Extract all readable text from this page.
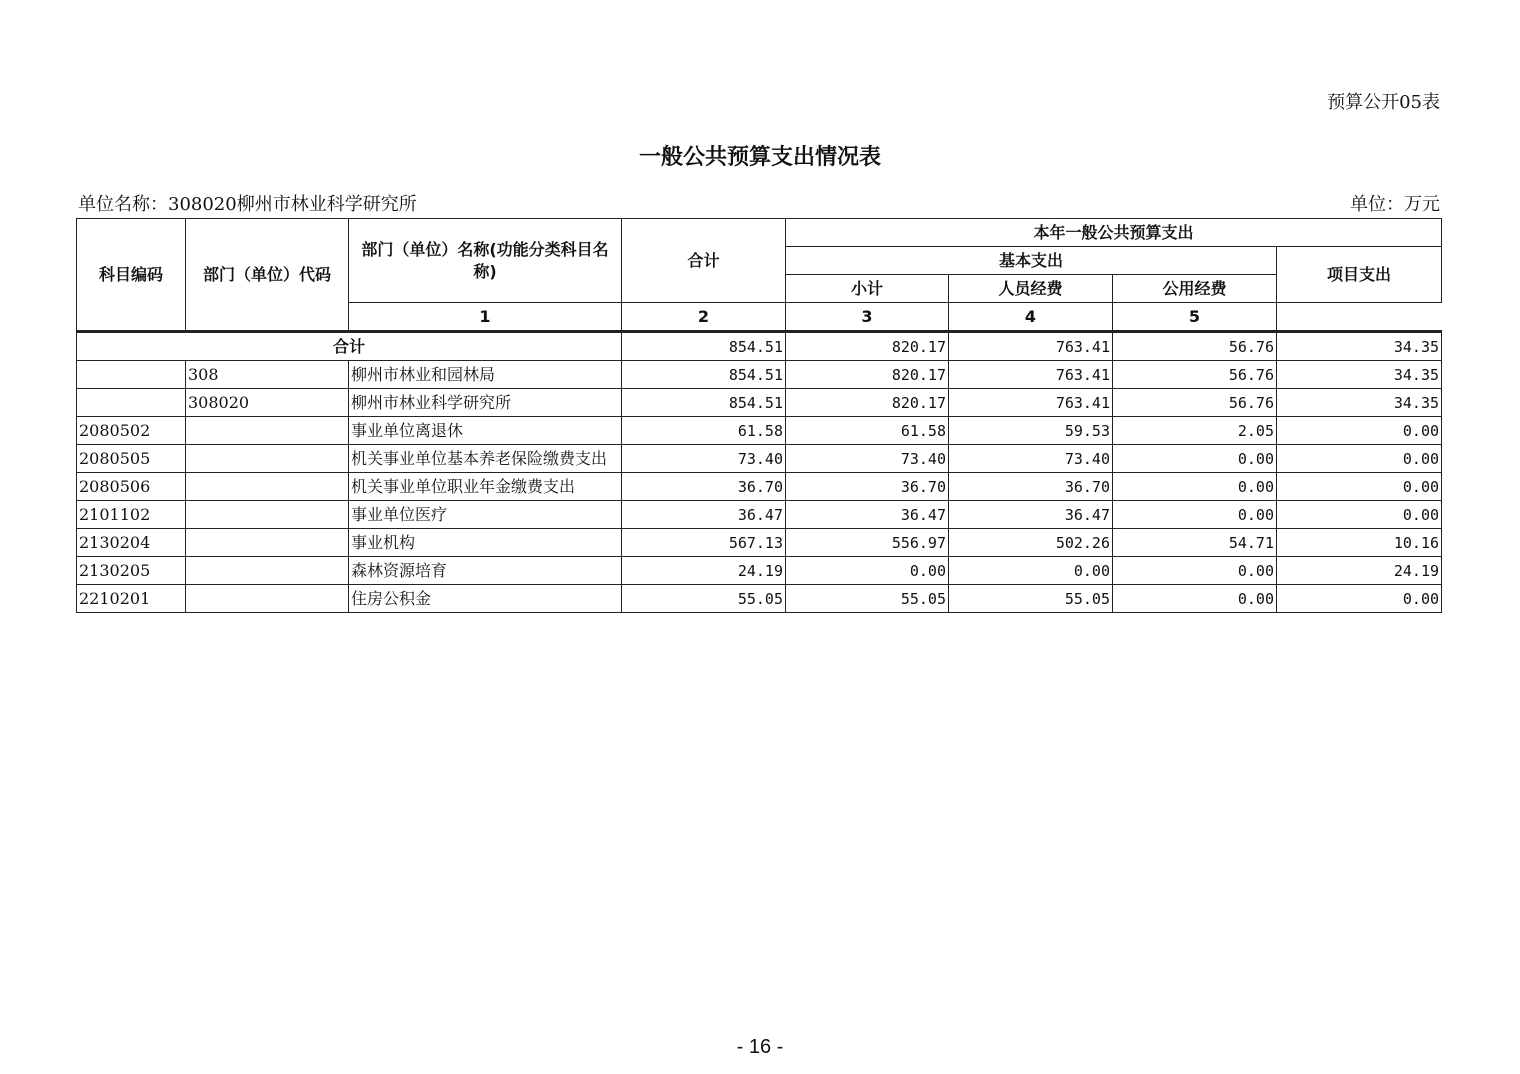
预算公开05表
一般公共预算支出情况表
单位名称：308020柳州市林业科学研究所	单位：万元
科目编码	部门（单位）代码	部门（单位）名称(功能分类科目名称)	合计	本年一般公共预算支出			
				基本支出			项目支出
				小计	人员经费	公用经费	
		1	2	3	4	5	
合计			854.51	820.17	763.41	56.76	34.35
	308	柳州市林业和园林局	854.51	820.17	763.41	56.76	34.35
	308020	柳州市林业科学研究所	854.51	820.17	763.41	56.76	34.35
2080502		事业单位离退休	61.58	61.58	59.53	2.05	0.00
2080505		机关事业单位基本养老保险缴费支出	73.40	73.40	73.40	0.00	0.00
2080506		机关事业单位职业年金缴费支出	36.70	36.70	36.70	0.00	0.00
2101102		事业单位医疗	36.47	36.47	36.47	0.00	0.00
2130204		事业机构	567.13	556.97	502.26	54.71	10.16
2130205		森林资源培育	24.19	0.00	0.00	0.00	24.19
2210201		住房公积金	55.05	55.05	55.05	0.00	0.00
- 16 -
